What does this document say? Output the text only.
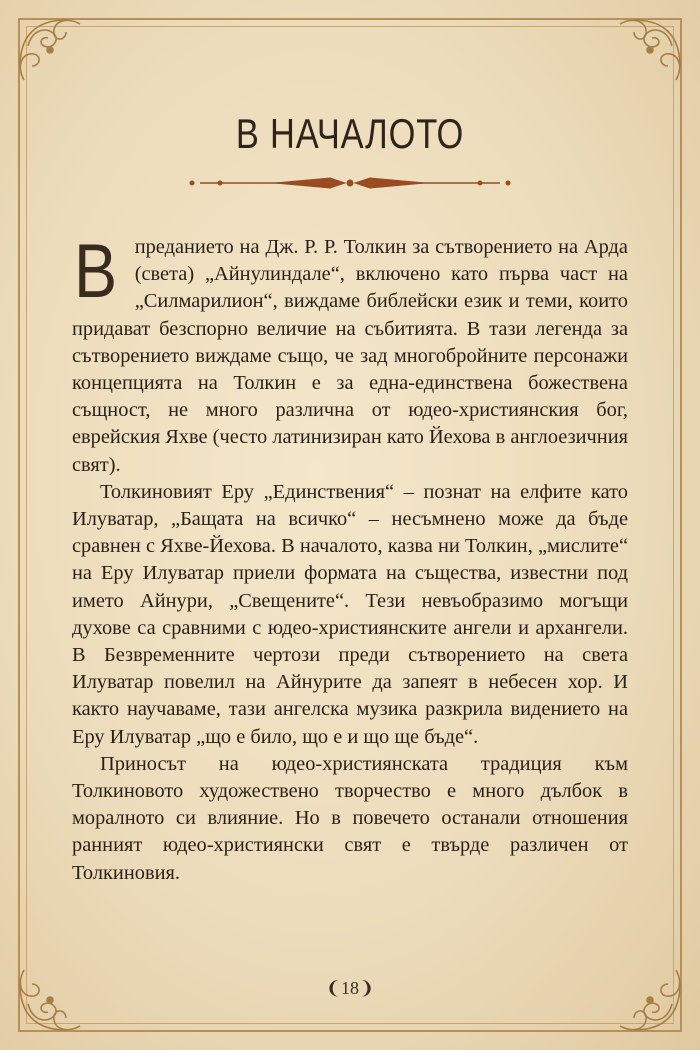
В НАЧАЛОТО

В преданието на Дж. Р. Р. Толкин за сътворението на Арда (света) „Айнулиндале“, включено като първа част на „Силмарилион“, виждаме библейски език и теми, които придават безспорно величие на събитията. В тази легенда за сътворението виждаме също, че зад многобройните персонажи концепцията на Толкин е за една-единствена божествена същност, не много различна от юдео-християнския бог, еврейския Яхве (често латинизиран като Йехова в англоезичния свят).

Толкиновият Еру „Единствения“ – познат на елфите като Илуватар, „Бащата на всичко“ – несъмнено може да бъде сравнен с Яхве-Йехова. В началото, казва ни Толкин, „мислите“ на Еру Илуватар приели формата на същества, известни под името Айнури, „Свещените“. Тези невъобразимо могъщи духове са сравними с юдео-християнските ангели и архангели. В Безвременните чертози преди сътворението на света Илуватар повелил на Айнурите да запеят в небесен хор. И както научаваме, тази ангелска музика разкрила видението на Еру Илуватар „що е било, що е и що ще бъде“.

Приносът на юдео-християнската традиция към Толкиновото художествено творчество е много дълбок в моралното си влияние. Но в повечето останали отношения ранният юдео-християнски свят е твърде различен от Толкиновия.

❨18❩
